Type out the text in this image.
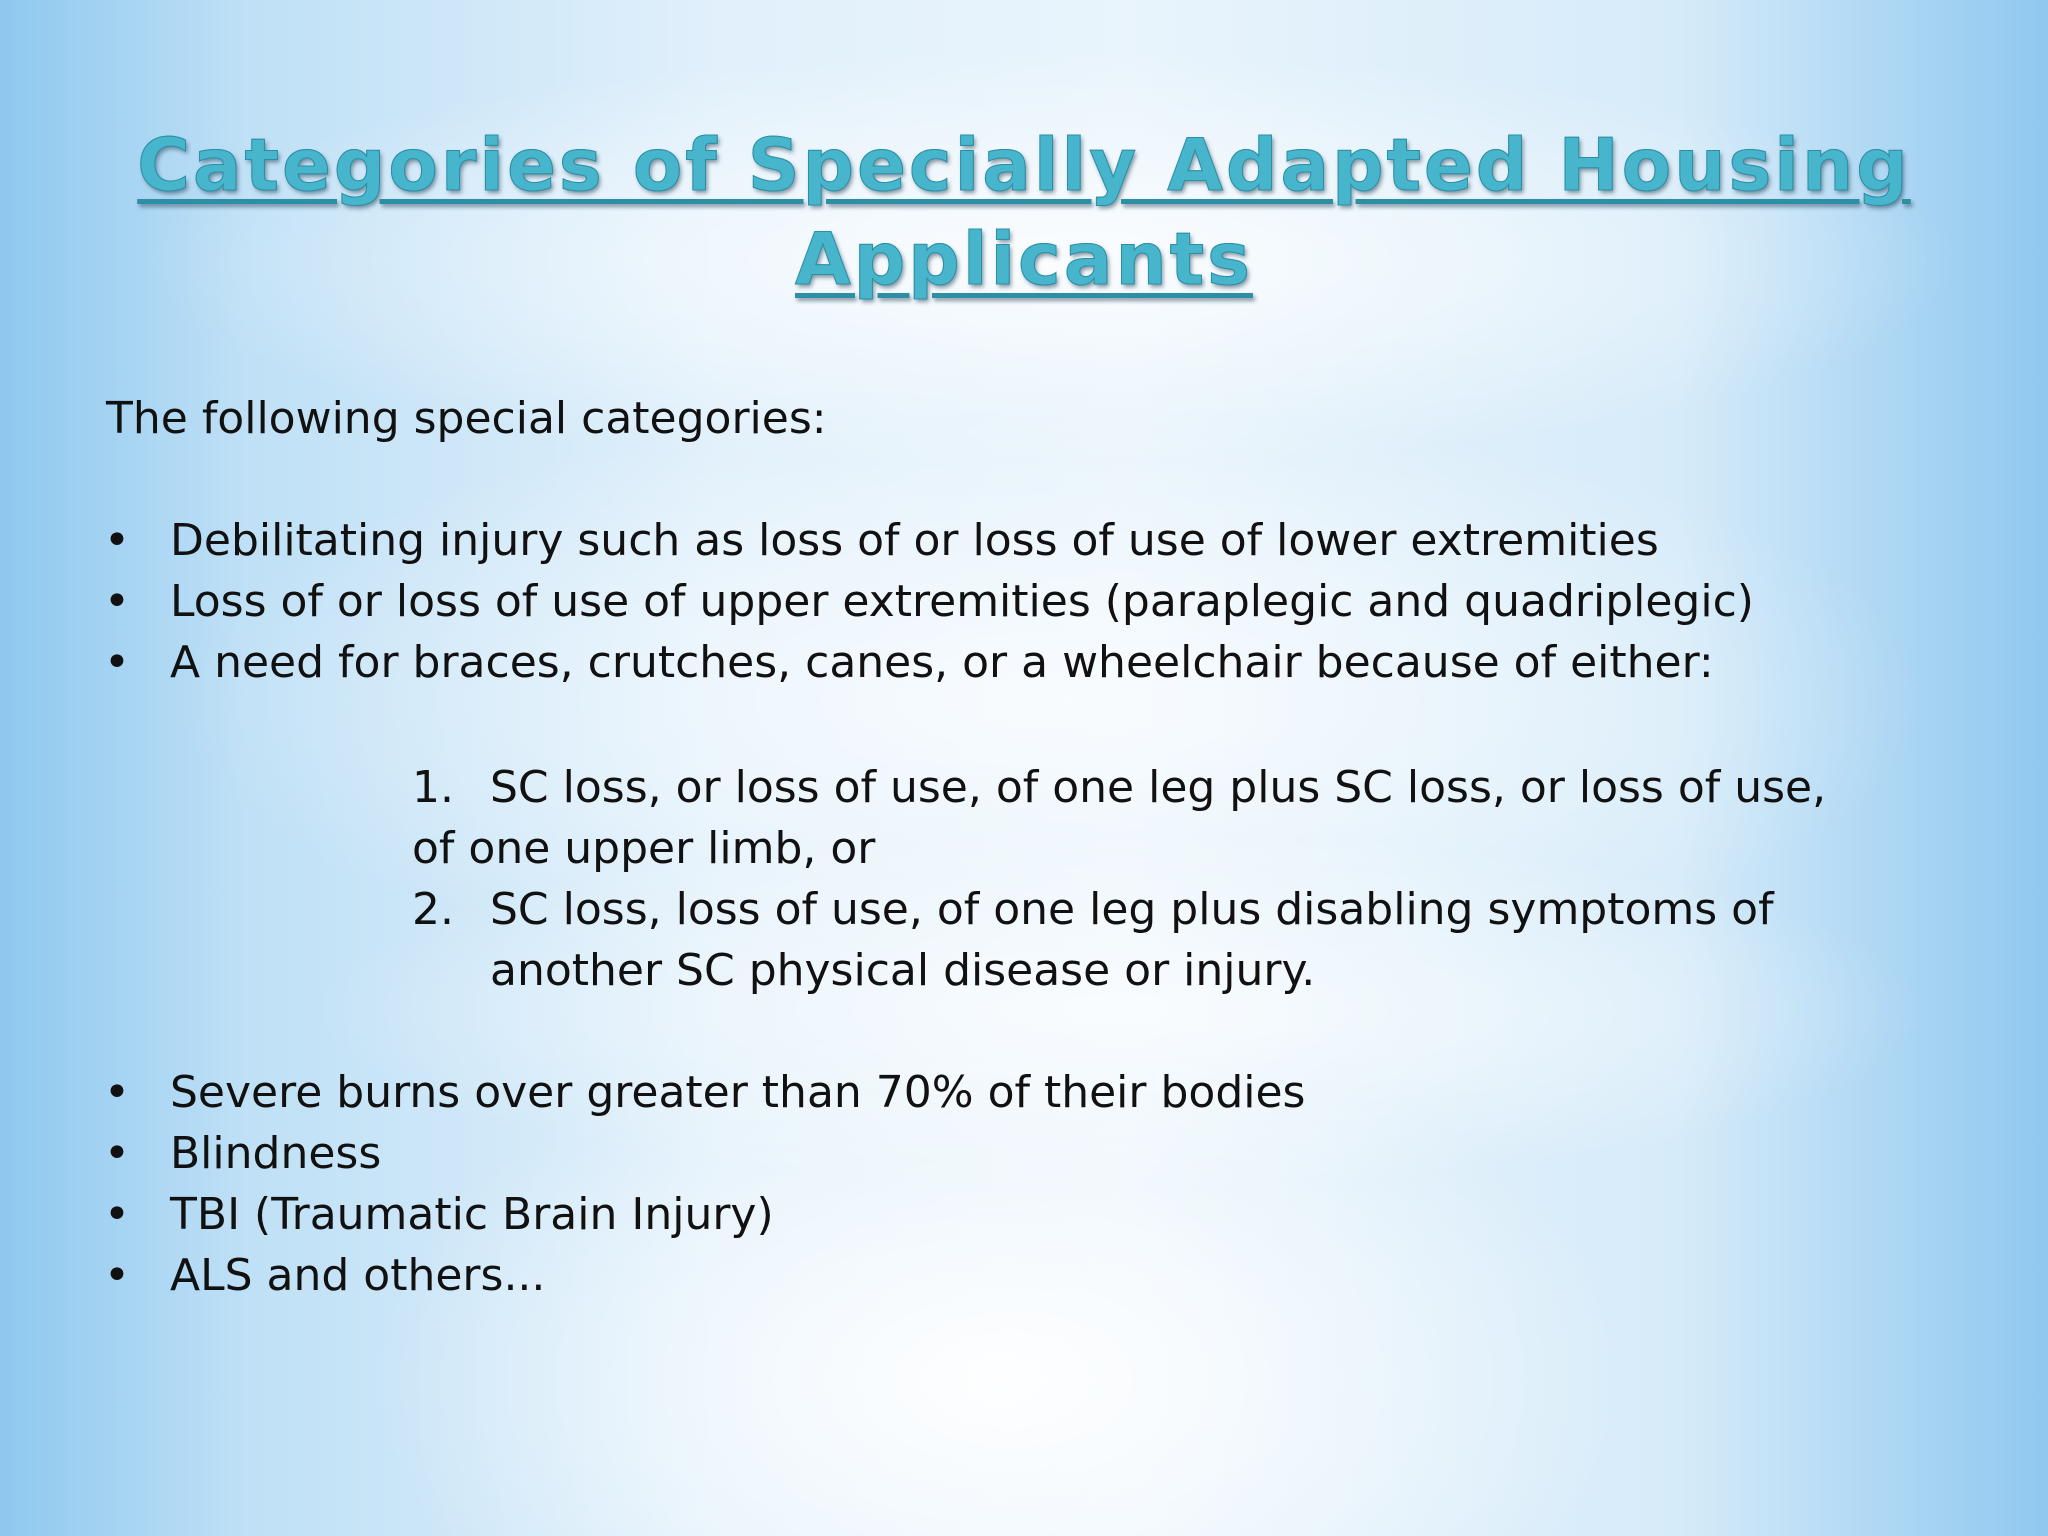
Categories of Specially Adapted Housing
Applicants
The following special categories:
• Debilitating injury such as loss of or loss of use of lower extremities
• Loss of or loss of use of upper extremities (paraplegic and quadriplegic)
• A need for braces, crutches, canes, or a wheelchair because of either:
1. SC loss, or loss of use, of one leg plus SC loss, or loss of use,
of one upper limb, or
2. SC loss, loss of use, of one leg plus disabling symptoms of
another SC physical disease or injury.
• Severe burns over greater than 70% of their bodies
• Blindness
• TBI (Traumatic Brain Injury)
• ALS and others...
